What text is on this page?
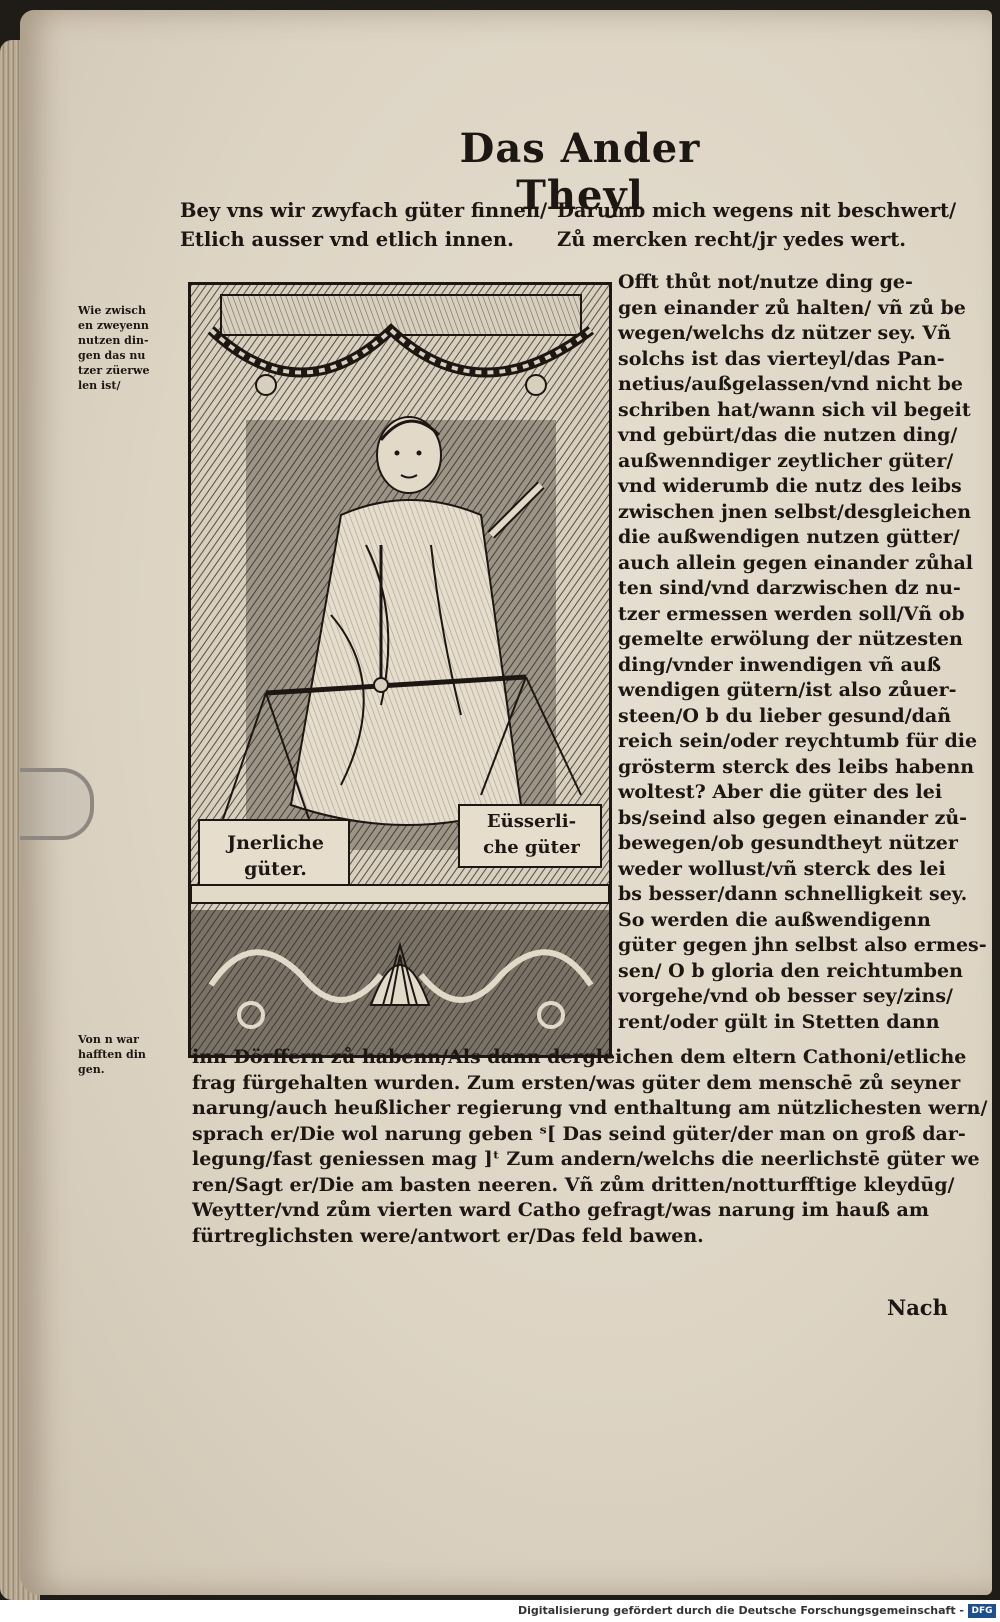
Das Ander Theyl
Bey vns wir zwyfach güter finnen/
Etlich ausser vnd etlich innen.
Darumb mich wegens nit beschwert/
Zů mercken recht/jr yedes wert.
Wie zwisch
en zweyenn
nutzen din-
gen das nu
tzer züerwe
len ist/
Von n war
hafften din
gen.
Jnerliche
güter.
Eüsserli-
che güter
Offt thůt not/nutze ding ge-
gen einander zů halten/ vñ zů be
wegen/welchs dz nützer sey. Vñ
solchs ist das vierteyl/das Pan-
netius/außgelassen/vnd nicht be
schriben hat/wann sich vil begeit
vnd gebürt/das die nutzen ding/
außwenndiger zeytlicher güter/
vnd widerumb die nutz des leibs
zwischen jnen selbst/desgleichen
die außwendigen nutzen gütter/
auch allein gegen einander zůhal
ten sind/vnd darzwischen dz nu-
tzer ermessen werden soll/Vñ ob
gemelte erwölung der nützesten
ding/vnder inwendigen vñ auß
wendigen gütern/ist also zůuer-
steen/O b du lieber gesund/dañ
reich sein/oder reychtumb für die
grösterm sterck des leibs habenn
woltest? Aber die güter des lei
bs/seind also gegen einander zů-
bewegen/ob gesundtheyt nützer
weder wollust/vñ sterck des lei
bs besser/dann schnelligkeit sey.
So werden die außwendigenn
güter gegen jhn selbst also ermes-
sen/ O b gloria den reichtumben
vorgehe/vnd ob besser sey/zins/
rent/oder gült in Stetten dann
inn Dörffern zů habenn/Als dann dergleichen dem eltern Cathoni/etliche
frag fürgehalten wurden. Zum ersten/was güter dem menschē zů seyner
narung/auch heußlicher regierung vnd enthaltung am nützlichesten wern/
sprach er/Die wol narung geben ˢ[ Das seind güter/der man on groß dar-
legung/fast geniessen mag ]ᵗ Zum andern/welchs die neerlichstē güter we
ren/Sagt er/Die am basten neeren. Vñ zům dritten/notturfftige kleydūg/
Weytter/vnd zům vierten ward Catho gefragt/was narung im hauß am
fürtreglichsten were/antwort er/Das feld bawen.
Nach
Digitalisierung gefördert durch die Deutsche Forschungsgemeinschaft - DFG
